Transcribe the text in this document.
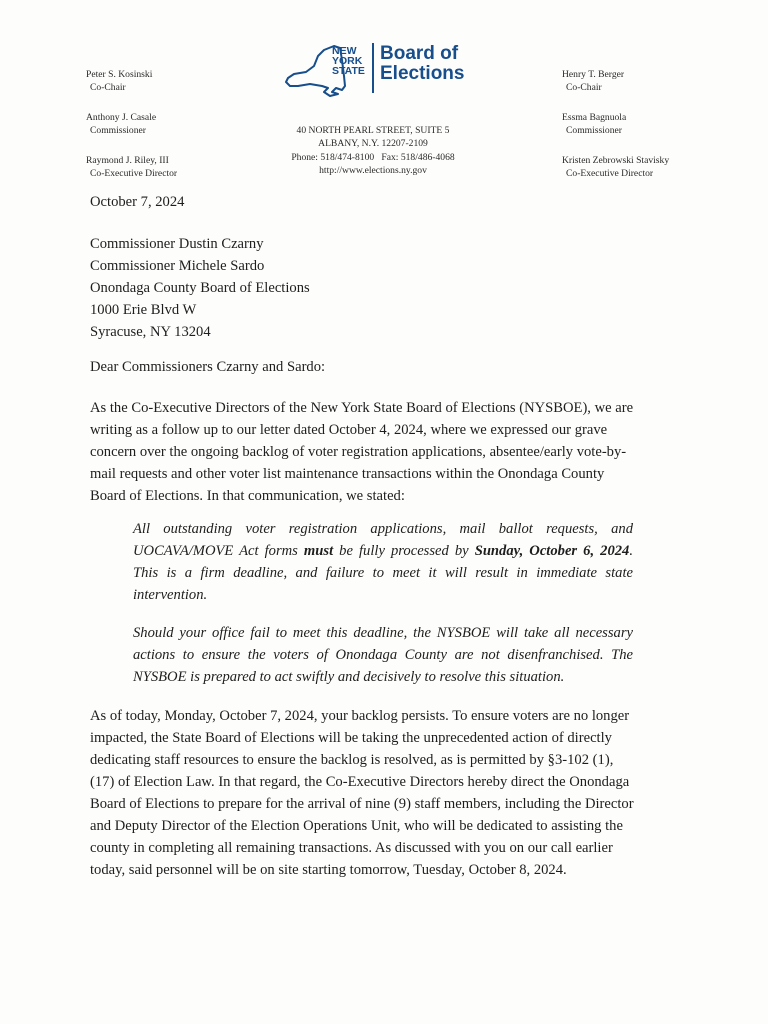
Peter S. Kosinski
Co-Chair
Anthony J. Casale
Commissioner
Raymond J. Riley, III
Co-Executive Director
NEW
YORK
STATE
Board of
Elections
40 NORTH PEARL STREET, SUITE 5
ALBANY, N.Y. 12207-2109
Phone: 518/474-8100   Fax: 518/486-4068
http://www.elections.ny.gov
Henry T. Berger
Co-Chair
Essma Bagnuola
Commissioner
Kristen Zebrowski Stavisky
Co-Executive Director
October 7, 2024
Commissioner Dustin Czarny
Commissioner Michele Sardo
Onondaga County Board of Elections
1000 Erie Blvd W
Syracuse, NY 13204
Dear Commissioners Czarny and Sardo:
As the Co-Executive Directors of the New York State Board of Elections (NYSBOE), we are
writing as a follow up to our letter dated October 4, 2024, where we expressed our grave
concern over the ongoing backlog of voter registration applications, absentee/early vote-by-
mail requests and other voter list maintenance transactions within the Onondaga County
Board of Elections. In that communication, we stated:

All outstanding voter registration applications, mail ballot requests, and UOCAVA/MOVE Act forms must be fully processed by Sunday, October 6, 2024. This is a firm deadline, and failure to meet it will result in immediate state intervention.

Should your office fail to meet this deadline, the NYSBOE will take all necessary actions to ensure the voters of Onondaga County are not disenfranchised. The NYSBOE is prepared to act swiftly and decisively to resolve this situation.

As of today, Monday, October 7, 2024, your backlog persists. To ensure voters are no longer
impacted, the State Board of Elections will be taking the unprecedented action of directly
dedicating staff resources to ensure the backlog is resolved, as is permitted by §3-102 (1),
(17) of Election Law. In that regard, the Co-Executive Directors hereby direct the Onondaga
Board of Elections to prepare for the arrival of nine (9) staff members, including the Director
and Deputy Director of the Election Operations Unit, who will be dedicated to assisting the
county in completing all remaining transactions. As discussed with you on our call earlier
today, said personnel will be on site starting tomorrow, Tuesday, October 8, 2024.
